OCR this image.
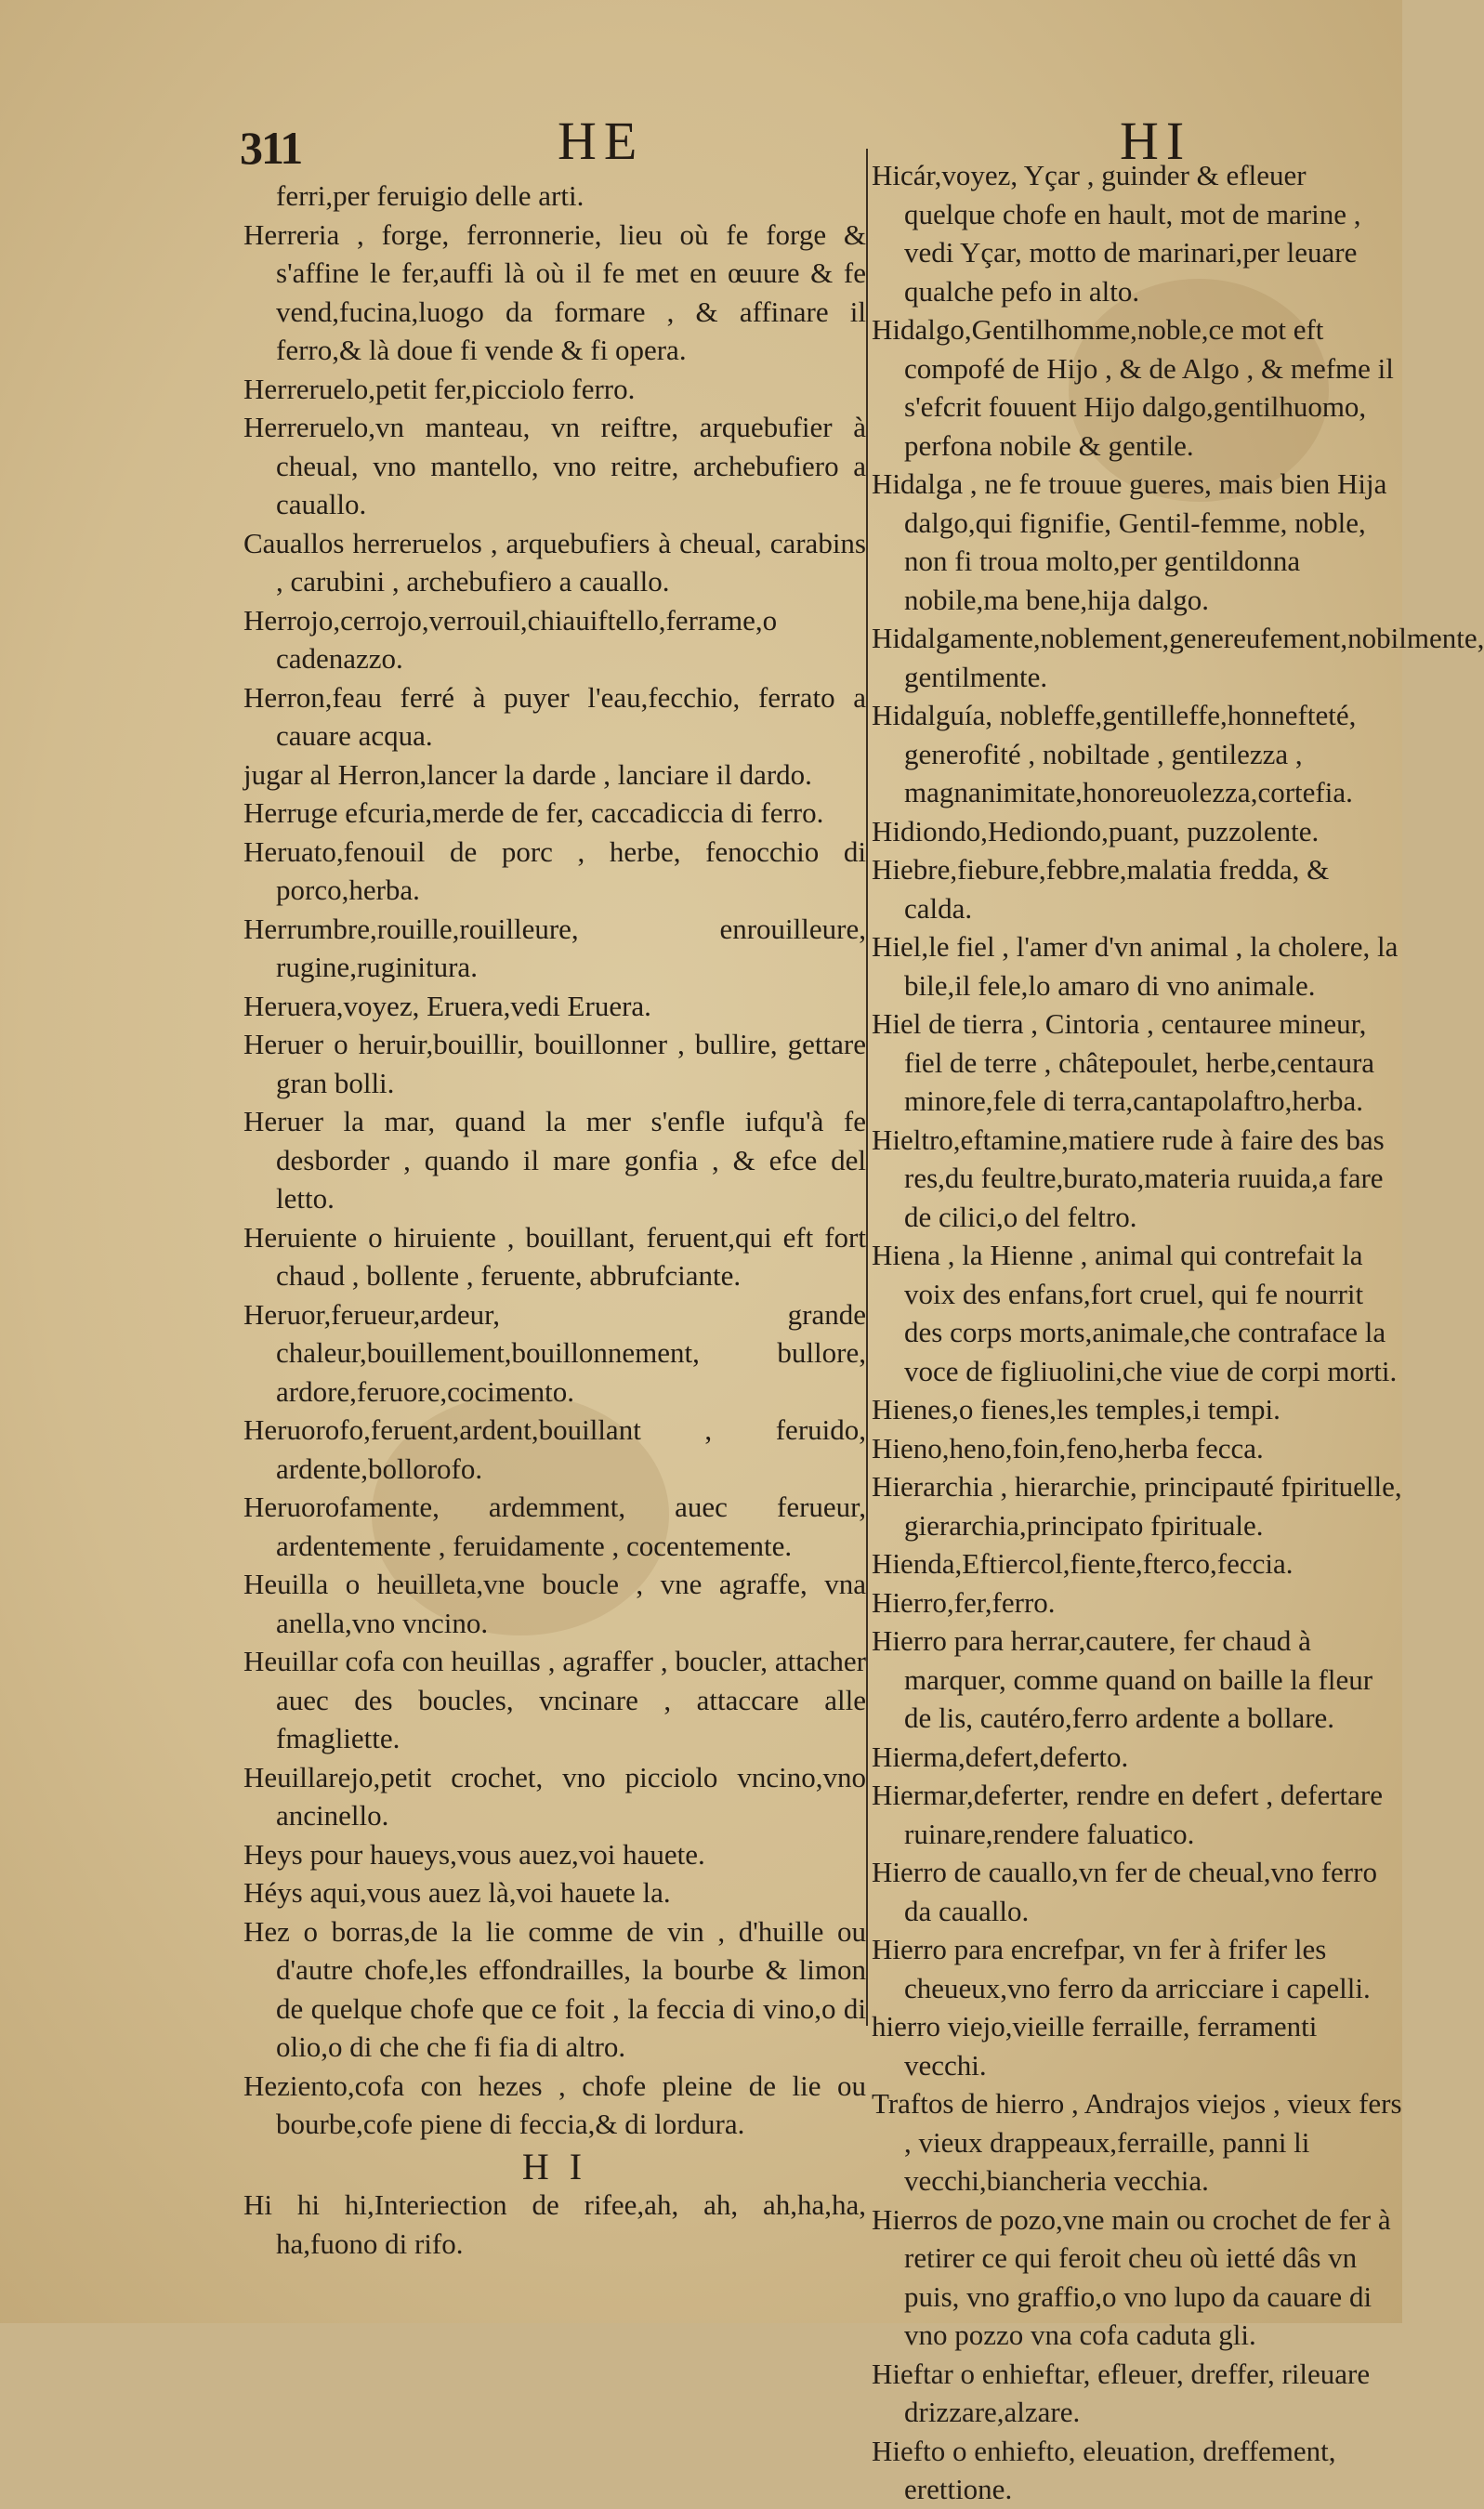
311	HE	HI

ferri,per feruigio delle arti.

Herreria , forge, ferronnerie, lieu où fe forge & s'affine le fer,auffi là où il fe met en œuure & fe vend,fucina,luogo da formare , & affinare il ferro,& là doue fi vende & fi opera.

Herreruelo,petit fer,picciolo ferro.

Herreruelo,vn manteau, vn reiftre, arquebufier à cheual, vno mantello, vno reitre, archebufiero a cauallo.

Cauallos herreruelos , arquebufiers à cheual, carabins , carubini , archebufiero a cauallo.

Herrojo,cerrojo,verrouil,chiauiftello,ferrame,o cadenazzo.

Herron,feau ferré à puyer l'eau,fecchio, ferrato a cauare acqua.

jugar al Herron,lancer la darde , lanciare il dardo.

Herruge efcuria,merde de fer, caccadiccia di ferro.

Heruato,fenouil de porc , herbe, fenocchio di porco,herba.

Herrumbre,rouille,rouilleure, enrouilleure, rugine,ruginitura.

Heruera,voyez, Eruera,vedi Eruera.

Heruer o heruir,bouillir, bouillonner , bullire, gettare gran bolli.

Heruer la mar, quand la mer s'enfle iufqu'à fe desborder , quando il mare gonfia , & efce del letto.

Heruiente o hiruiente , bouillant, feruent,qui eft fort chaud , bollente , feruente, abbrufciante.

Heruor,ferueur,ardeur, grande chaleur,bouillement,bouillonnement, bullore, ardore,feruore,cocimento.

Heruorofo,feruent,ardent,bouillant , feruido, ardente,bollorofo.

Heruorofamente, ardemment, auec ferueur, ardentemente , feruidamente , cocentemente.

Heuilla o heuilleta,vne boucle , vne agraffe, vna anella,vno vncino.

Heuillar cofa con heuillas , agraffer , boucler, attacher auec des boucles, vncinare , attaccare alle fmagliette.

Heuillarejo,petit crochet, vno picciolo vncino,vno ancinello.

Heys pour haueys,vous auez,voi hauete.

Héys aqui,vous auez là,voi hauete la.

Hez o borras,de la lie comme de vin , d'huille ou d'autre chofe,les effondrailles, la bourbe & limon de quelque chofe que ce foit , la feccia di vino,o di olio,o di che che fi fia di altro.

Heziento,cofa con hezes , chofe pleine de lie ou bourbe,cofe piene di feccia,& di lordura.

H I

Hi hi hi,Interiection de rifee,ah, ah, ah,ha,ha, ha,fuono di rifo.

Hicár,voyez, Yçar , guinder & efleuer quelque chofe en hault, mot de marine , vedi Yçar, motto de marinari,per leuare qualche pefo in alto.

Hidalgo,Gentilhomme,noble,ce mot eft compofé de Hijo , & de Algo , & mefme il s'efcrit fouuent Hijo dalgo,gentilhuomo, perfona nobile & gentile.

Hidalga , ne fe trouue gueres, mais bien Hija dalgo,qui fignifie, Gentil-femme, noble, non fi troua molto,per gentildonna nobile,ma bene,hija dalgo.

Hidalgamente,noblement,genereufement,nobilmente, gentilmente.

Hidalguía, nobleffe,gentilleffe,honnefteté, generofité , nobiltade , gentilezza , magnanimitate,honoreuolezza,cortefia.

Hidiondo,Hediondo,puant, puzzolente.

Hiebre,fiebure,febbre,malatia fredda, & calda.

Hiel,le fiel , l'amer d'vn animal , la cholere, la bile,il fele,lo amaro di vno animale.

Hiel de tierra , Cintoria , centauree mineur, fiel de terre , châtepoulet, herbe,centaura minore,fele di terra,cantapolaftro,herba.

Hieltro,eftamine,matiere rude à faire des bas res,du feultre,burato,materia ruuida,a fare de cilici,o del feltro.

Hiena , la Hienne , animal qui contrefait la voix des enfans,fort cruel, qui fe nourrit des corps morts,animale,che contraface la voce de figliuolini,che viue de corpi morti.

Hienes,o fienes,les temples,i tempi.

Hieno,heno,foin,feno,herba fecca.

Hierarchia , hierarchie, principauté fpirituelle, gierarchia,principato fpirituale.

Hienda,Eftiercol,fiente,fterco,feccia.

Hierro,fer,ferro.

Hierro para herrar,cautere, fer chaud à marquer, comme quand on baille la fleur de lis, cautéro,ferro ardente a bollare.

Hierma,defert,deferto.

Hiermar,deferter, rendre en defert , defertare ruinare,rendere faluatico.

Hierro de cauallo,vn fer de cheual,vno ferro da cauallo.

Hierro para encrefpar, vn fer à frifer les cheueux,vno ferro da arricciare i capelli.

hierro viejo,vieille ferraille, ferramenti vecchi.

Traftos de hierro , Andrajos viejos , vieux fers , vieux drappeaux,ferraille, panni li vecchi,biancheria vecchia.

Hierros de pozo,vne main ou crochet de fer à retirer ce qui feroit cheu où ietté dâs vn puis, vno graffio,o vno lupo da cauare di vno pozzo vna cofa caduta gli.

Hieftar o enhieftar, efleuer, dreffer, rileuare drizzare,alzare.

Hiefto o enhiefto, eleuation, dreffement, erettione.
